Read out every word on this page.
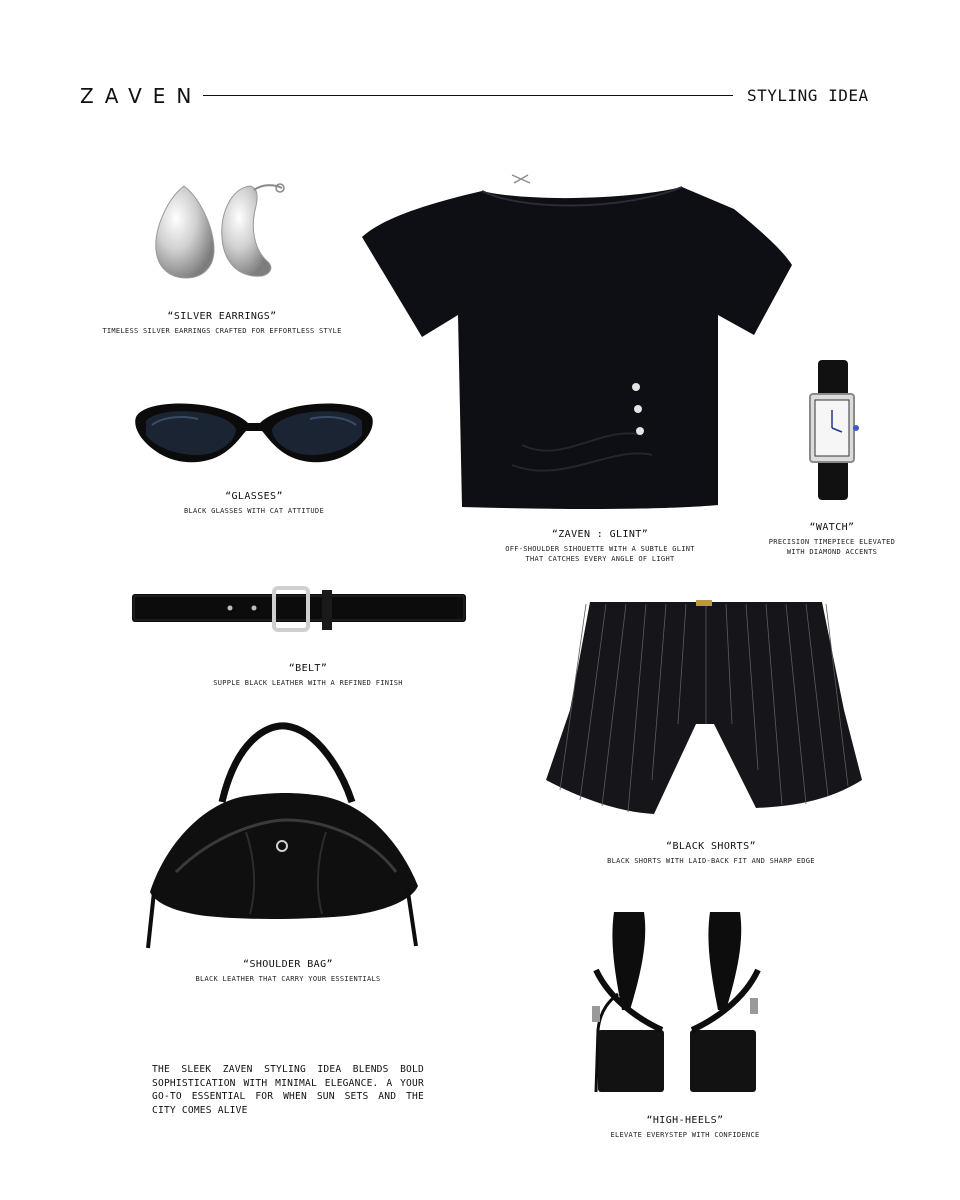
ZAVEN	STYLING IDEA
“SILVER EARRINGS”
TIMELESS SILVER EARRINGS CRAFTED FOR EFFORTLESS STYLE
“GLASSES”
BLACK GLASSES WITH CAT ATTITUDE
“ZAVEN : GLINT”
OFF-SHOULDER SIHOUETTE WITH A SUBTLE GLINT
THAT CATCHES EVERY ANGLE OF LIGHT
“WATCH”
PRECISION TIMEPIECE ELEVATED
WITH DIAMOND ACCENTS
“BELT”
SUPPLE BLACK LEATHER WITH A REFINED FINISH
“BLACK SHORTS”
BLACK SHORTS WITH LAID-BACK FIT AND SHARP EDGE
“SHOULDER BAG”
BLACK LEATHER THAT CARRY YOUR ESSIENTIALS
THE SLEEK ZAVEN STYLING IDEA BLENDS BOLD SOPHISTICATION WITH MINIMAL ELEGANCE. A YOUR GO-TO ESSENTIAL FOR WHEN SUN SETS AND THE CITY COMES ALIVE
“HIGH-HEELS”
ELEVATE EVERYSTEP WITH CONFIDENCE
